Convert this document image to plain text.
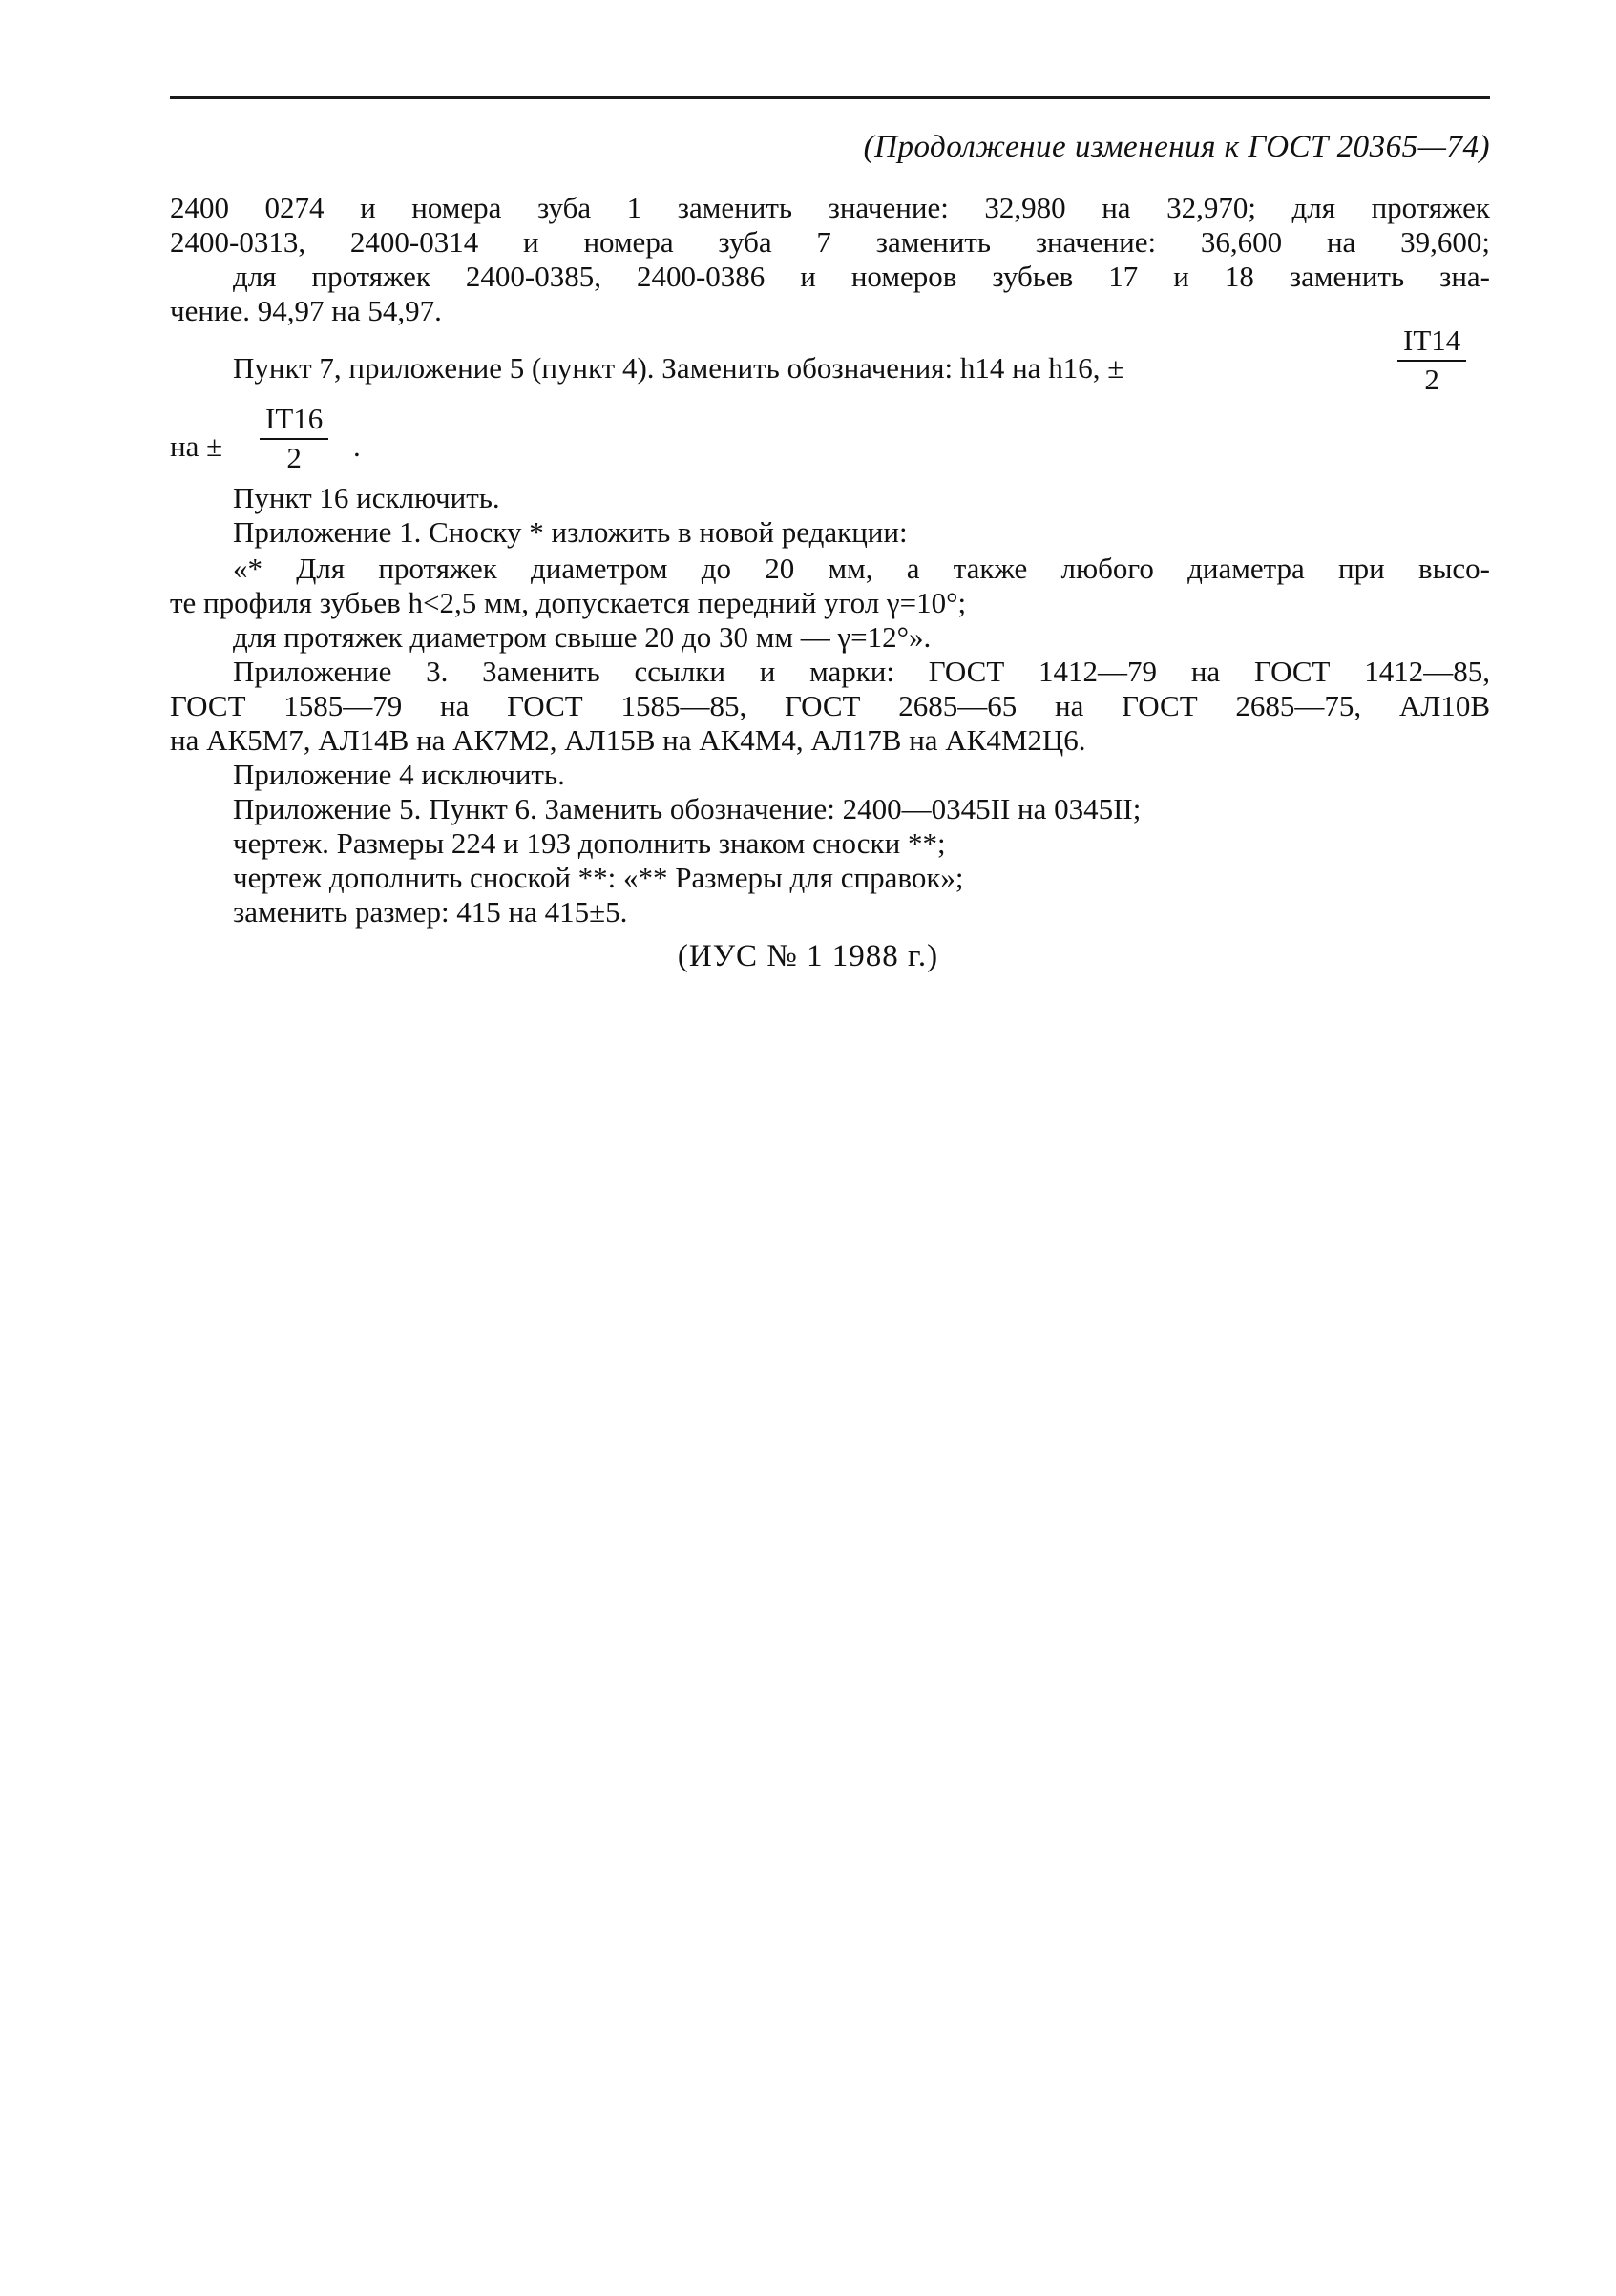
(Продолжение изменения к ГОСТ 20365—74)
2400 0274 и номера зуба 1 заменить значение: 32,980 на 32,970; для протяжек
2400-0313, 2400-0314 и номера зуба 7 заменить значение: 36,600 на 39,600;
для протяжек 2400-0385, 2400-0386 и номеров зубьев 17 и 18 заменить зна-
чение. 94,97 на 54,97.
Пункт 7, приложение 5 (пункт 4). Заменить обозначения: h14 на h16, ±	$\frac{IT14}{2}$
на ± $\frac{IT16}{2}$ .
Пункт 16 исключить.
Приложение 1. Сноску * изложить в новой редакции:
«* Для протяжек диаметром до 20 мм, а также любого диаметра при высо-
те профиля зубьев h<2,5 мм, допускается передний угол γ=10°;
для протяжек диаметром свыше 20 до 30 мм — γ=12°».
Приложение 3. Заменить ссылки и марки: ГОСТ 1412—79 на ГОСТ 1412—85,
ГОСТ 1585—79 на ГОСТ 1585—85, ГОСТ 2685—65 на ГОСТ 2685—75, АЛ10В
на АК5М7, АЛ14В на АК7М2, АЛ15В на АК4М4, АЛ17В на АК4М2Ц6.
Приложение 4 исключить.
Приложение 5. Пункт 6. Заменить обозначение: 2400—0345II на 0345II;
чертеж. Размеры 224 и 193 дополнить знаком сноски **;
чертеж дополнить сноской **: «** Размеры для справок»;
заменить размер: 415 на 415±5.
(ИУС № 1 1988 г.)
